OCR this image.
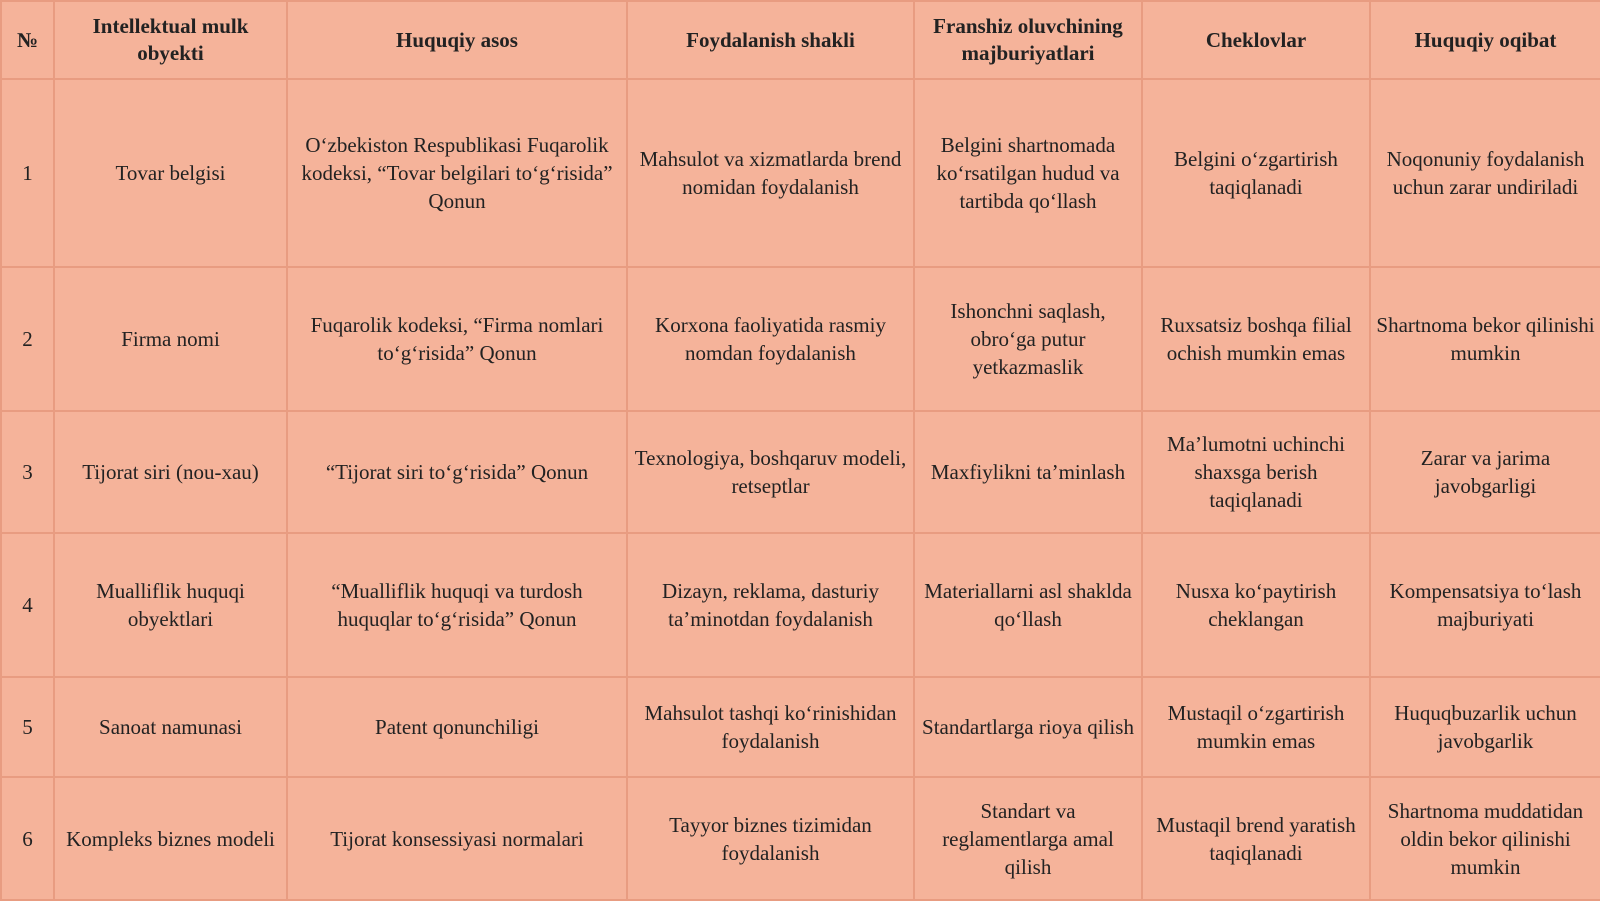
№	Intellektual mulk obyekti	Huquqiy asos	Foydalanish shakli	Franshiz oluvchining majburiyatlari	Cheklovlar	Huquqiy oqibat
1	Tovar belgisi	O‘zbekiston Respublikasi Fuqarolik kodeksi, “Tovar belgilari to‘g‘risida” Qonun	Mahsulot va xizmatlarda brend nomidan foydalanish	Belgini shartnomada ko‘rsatilgan hudud va tartibda qo‘llash	Belgini o‘zgartirish taqiqlanadi	Noqonuniy foydalanish uchun zarar undiriladi
2	Firma nomi	Fuqarolik kodeksi, “Firma nomlari to‘g‘risida” Qonun	Korxona faoliyatida rasmiy nomdan foydalanish	Ishonchni saqlash, obro‘ga putur yetkazmaslik	Ruxsatsiz boshqa filial ochish mumkin emas	Shartnoma bekor qilinishi mumkin
3	Tijorat siri (nou-xau)	“Tijorat siri to‘g‘risida” Qonun	Texnologiya, boshqaruv modeli, retseptlar	Maxfiylikni ta’minlash	Ma’lumotni uchinchi shaxsga berish taqiqlanadi	Zarar va jarima javobgarligi
4	Mualliflik huquqi obyektlari	“Mualliflik huquqi va turdosh huquqlar to‘g‘risida” Qonun	Dizayn, reklama, dasturiy ta’minotdan foydalanish	Materiallarni asl shaklda qo‘llash	Nusxa ko‘paytirish cheklangan	Kompensatsiya to‘lash majburiyati
5	Sanoat namunasi	Patent qonunchiligi	Mahsulot tashqi ko‘rinishidan foydalanish	Standartlarga rioya qilish	Mustaqil o‘zgartirish mumkin emas	Huquqbuzarlik uchun javobgarlik
6	Kompleks biznes modeli	Tijorat konsessiyasi normalari	Tayyor biznes tizimidan foydalanish	Standart va reglamentlarga amal qilish	Mustaqil brend yaratish taqiqlanadi	Shartnoma muddatidan oldin bekor qilinishi mumkin
